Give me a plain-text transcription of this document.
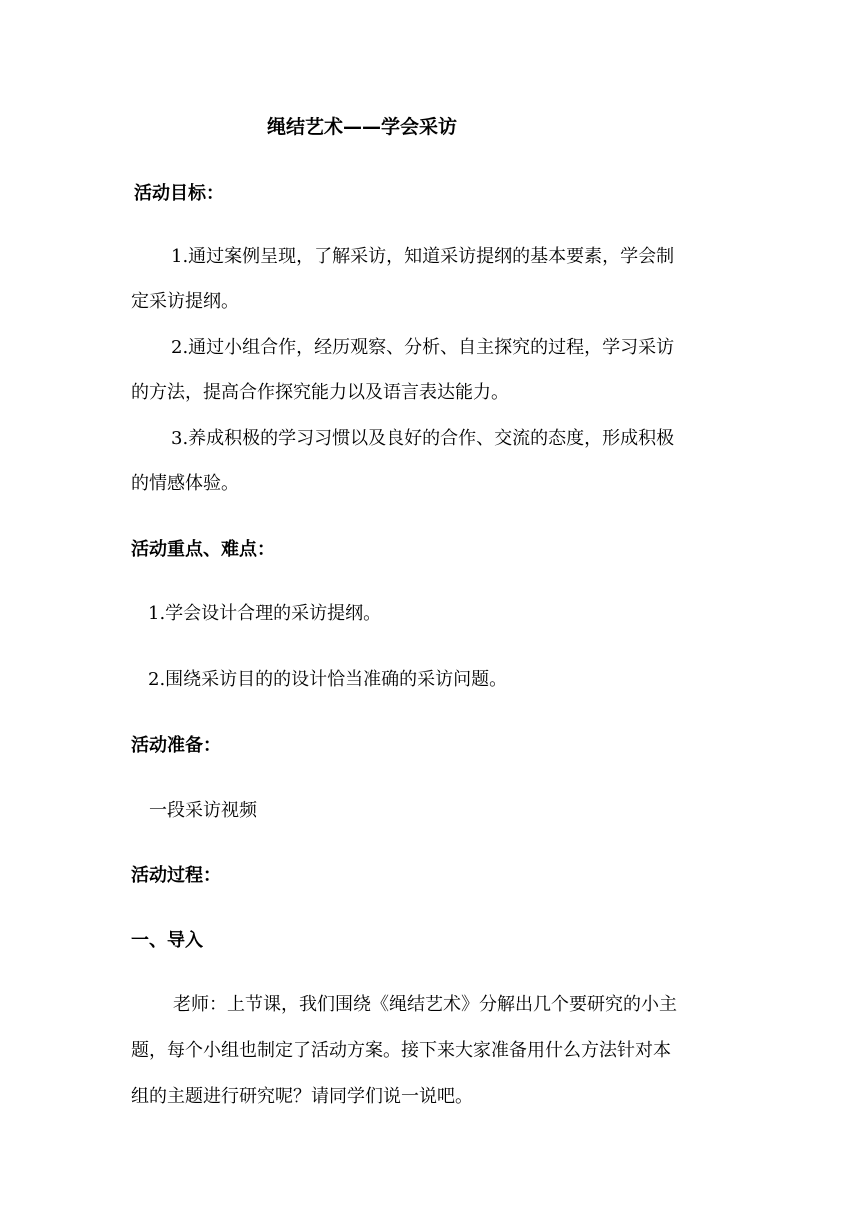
绳结艺术——学会采访
活动目标：

1.通过案例呈现，了解采访，知道采访提纲的基本要素，学会制

定采访提纲。

2.通过小组合作，经历观察、分析、自主探究的过程，学习采访

的方法，提高合作探究能力以及语言表达能力。

3.养成积极的学习习惯以及良好的合作、交流的态度，形成积极

的情感体验。

活动重点、难点：

1.学会设计合理的采访提纲。

2.围绕采访目的的设计恰当准确的采访问题。

活动准备：

一段采访视频

活动过程：
一、导入

老师：上节课，我们围绕《绳结艺术》分解出几个要研究的小主

题，每个小组也制定了活动方案。接下来大家准备用什么方法针对本

组的主题进行研究呢？请同学们说一说吧。
